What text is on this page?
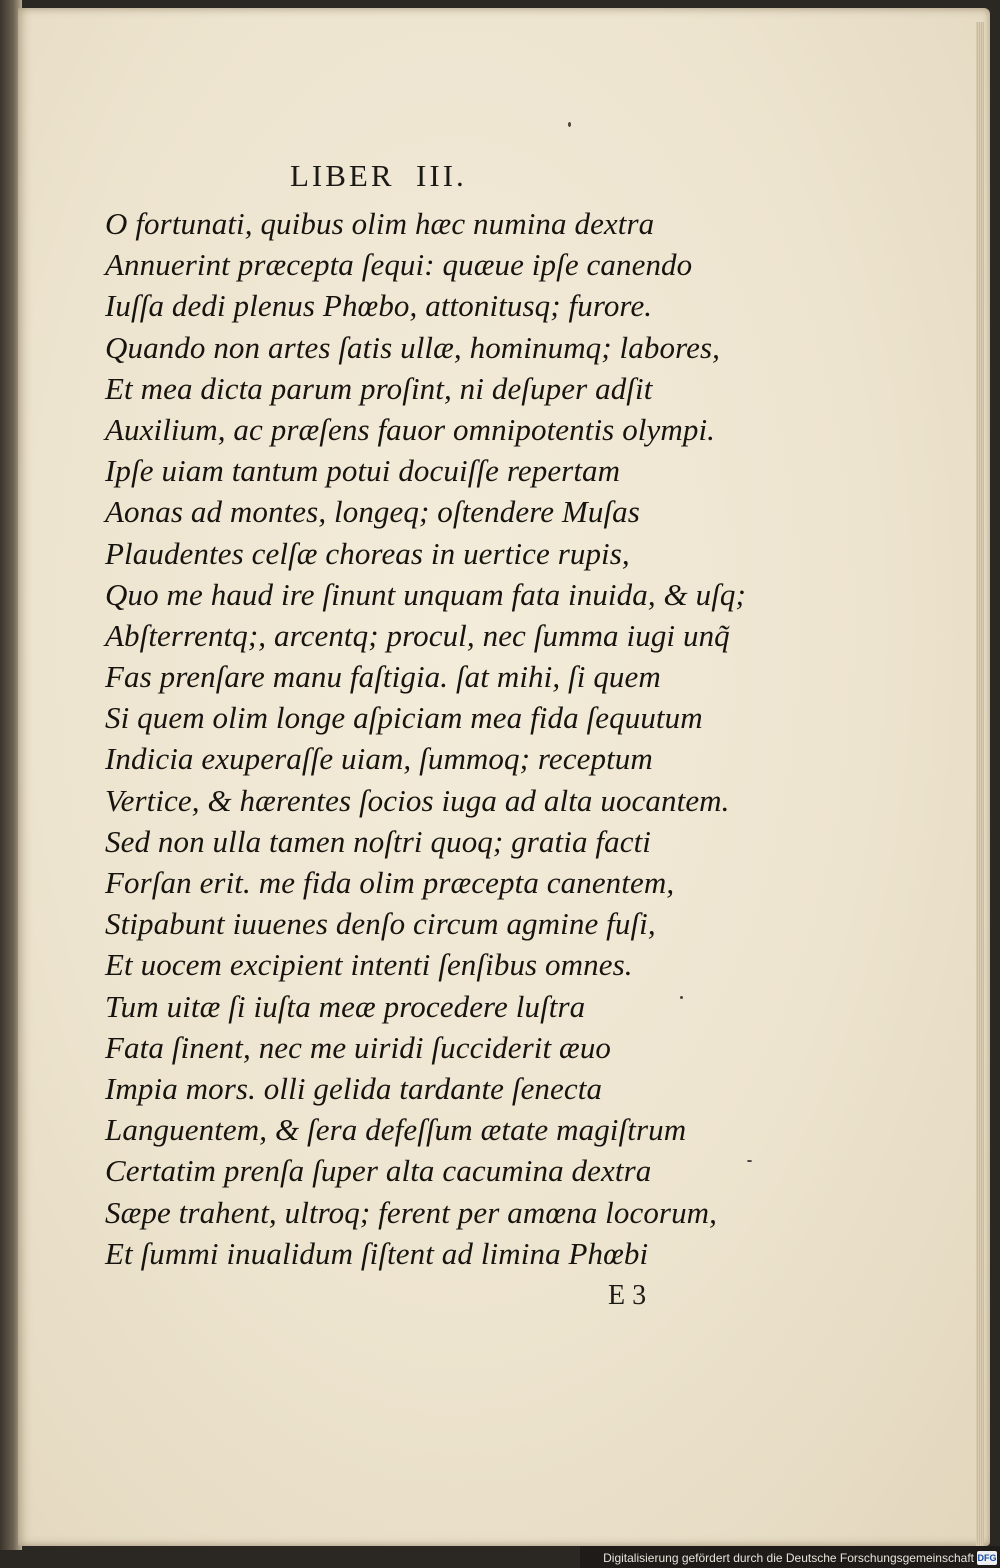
LIBER  III.
O fortunati, quibus olim hæc numina dextra
Annuerint præcepta ſequi: quæue ipſe canendo
Iuſſa dedi plenus Phœbo, attonitusq; furore.
Quando non artes ſatis ullæ, hominumq; labores,
Et mea dicta parum proſint, ni deſuper adſit
Auxilium, ac præſens fauor omnipotentis olympi.
Ipſe uiam tantum potui docuiſſe repertam
Aonas ad montes, longeq; oſtendere Muſas
Plaudentes celſæ choreas in uertice rupis,
Quo me haud ire ſinunt unquam fata inuida, & uſq;
Abſterrentq;, arcentq; procul, nec ſumma iugi unq̃
Fas prenſare manu faſtigia. ſat mihi, ſi quem
Si quem olim longe aſpiciam mea fida ſequutum
Indicia exuperaſſe uiam, ſummoq; receptum
Vertice, & hærentes ſocios iuga ad alta uocantem.
Sed non ulla tamen noſtri quoq; gratia facti
Forſan erit. me fida olim præcepta canentem,
Stipabunt iuuenes denſo circum agmine fuſi,
Et uocem excipient intenti ſenſibus omnes.
Tum uitæ ſi iuſta meæ procedere luſtra
Fata ſinent, nec me uiridi ſucciderit æuo
Impia mors. olli gelida tardante ſenecta
Languentem, & ſera defeſſum ætate magiſtrum
Certatim prenſa ſuper alta cacumina dextra
Sæpe trahent, ultroq; ferent per amœna locorum,
Et ſummi inualidum ſiſtent ad limina Phœbi
E 3
Digitalisierung gefördert durch die Deutsche Forschungsgemeinschaft DFG
